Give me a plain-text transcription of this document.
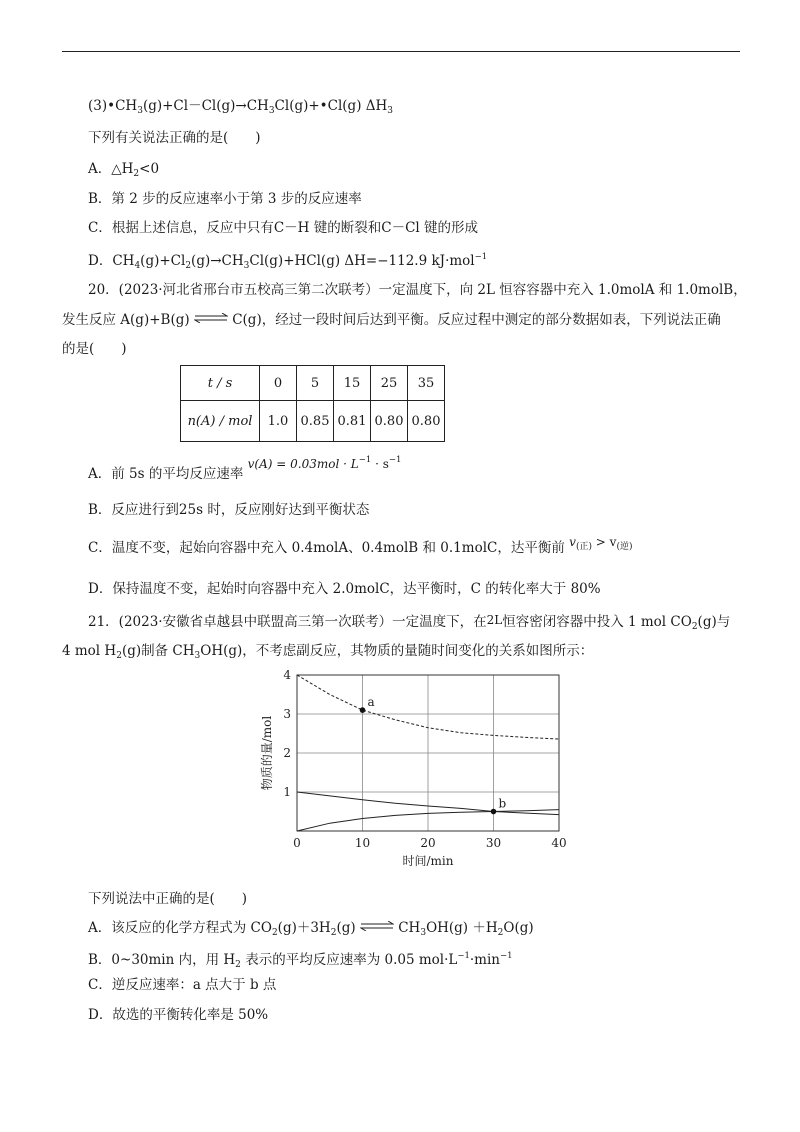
$(3)•CH_3(g)+Cl-Cl(g)\to CH_3Cl(g)+•Cl(g)$ $\Delta H_3$
下列有关说法正确的是(　　)
A．$\triangle H_2<0$
B．第 2 步的反应速率小于第 3 步的反应速率
C．根据上述信息，反应中只有C－H 键的断裂和C－Cl 键的形成
D．$CH_4(g)+Cl_2(g)\to CH_3Cl(g)+HCl(g)$ ΔH=−112.9 kJ·mol$^{-1}$
20．(2023·河北省邢台市五校高三第二次联考）一定温度下，向 2L 恒容容器中充入 1.0molA 和 1.0molB，
发生反应 A(g)+B(g) ⇌ C(g)，经过一段时间后达到平衡。反应过程中测定的部分数据如表，下列说法正确
的是(　　)
t / s	0	5	15	25	35
n(A) / mol	1.0	0.85	0.81	0.80	0.80
A．前 5s 的平均反应速率 $v(A) = 0.03mol \cdot L^{-1} \cdot s^{-1}$
B．反应进行到25s 时，反应刚好达到平衡状态
C．温度不变，起始向容器中充入 0.4molA、0.4molB 和 0.1molC，达平衡前 $v_{(正)} > v_{(逆)}$
D．保持温度不变，起始时向容器中充入 2.0molC，达平衡时，C 的转化率大于 80%
21．(2023·安徽省卓越县中联盟高三第一次联考）一定温度下，在2L恒容密闭容器中投入 1 mol $CO_2(g)$与
4 mol $H_2(g)$制备 $CH_3OH(g)$，不考虑副反应，其物质的量随时间变化的关系如图所示：
0	10	20	30	40
1
2
3
4
时间/min
物质的量/mol
a
b
下列说法中正确的是(　　)
A．该反应的化学方程式为 $CO_2(g)+3H_2(g)$ ⇌ $CH_3OH(g) +H_2O(g)$
B．0~30min 内，用 $H_2$ 表示的平均反应速率为 0.05 $mol\cdot L^{-1}\cdot\min^{-1}$
C．逆反应速率：a 点大于 b 点
D．故选的平衡转化率是 50%
